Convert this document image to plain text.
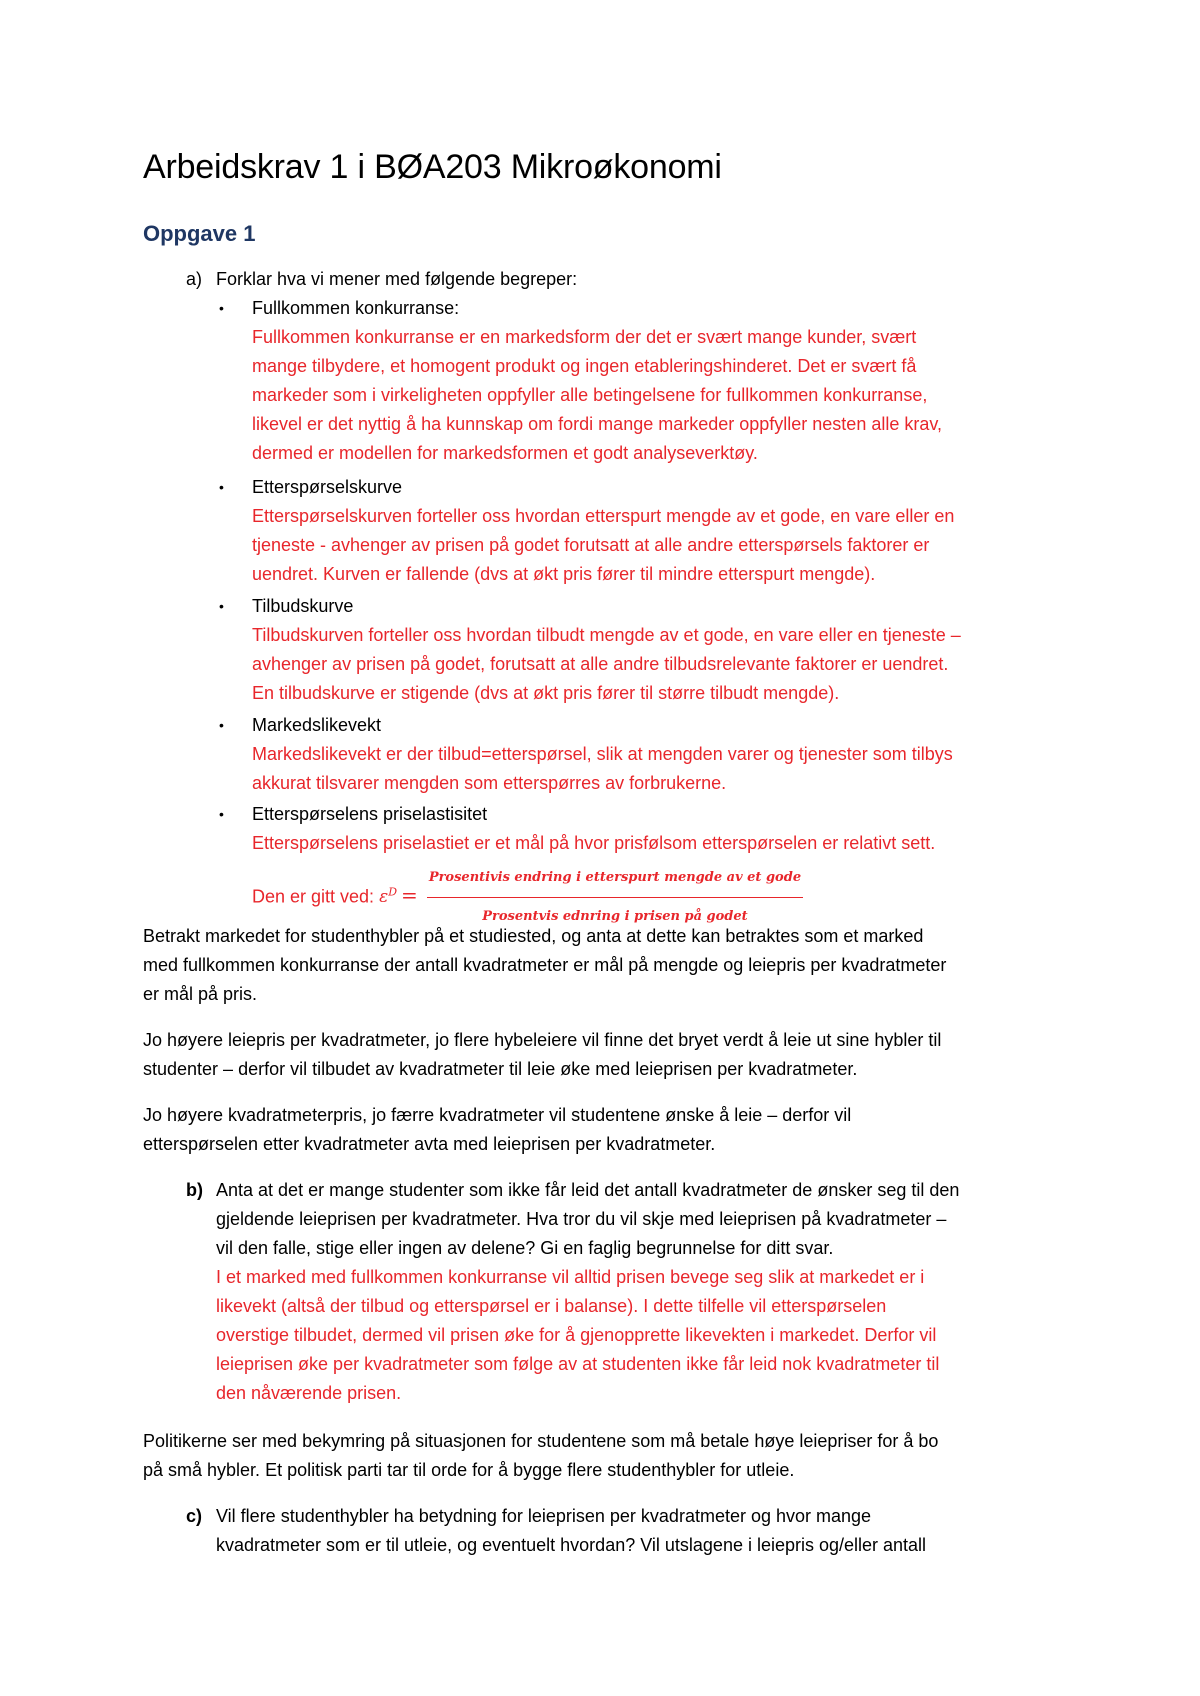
Arbeidskrav 1 i BØA203 Mikroøkonomi
Oppgave 1
a) Forklar hva vi mener med følgende begreper:
•	Fullkommen konkurranse:
Fullkommen konkurranse er en markedsform der det er svært mange kunder, svært
mange tilbydere, et homogent produkt og ingen etableringshinderet. Det er svært få
markeder som i virkeligheten oppfyller alle betingelsene for fullkommen konkurranse,
likevel er det nyttig å ha kunnskap om fordi mange markeder oppfyller nesten alle krav,
dermed er modellen for markedsformen et godt analyseverktøy.
•	Etterspørselskurve
Etterspørselskurven forteller oss hvordan etterspurt mengde av et gode, en vare eller en
tjeneste - avhenger av prisen på godet forutsatt at alle andre etterspørsels faktorer er
uendret. Kurven er fallende (dvs at økt pris fører til mindre etterspurt mengde).
•	Tilbudskurve
Tilbudskurven forteller oss hvordan tilbudt mengde av et gode, en vare eller en tjeneste –
avhenger av prisen på godet, forutsatt at alle andre tilbudsrelevante faktorer er uendret.
En tilbudskurve er stigende (dvs at økt pris fører til større tilbudt mengde).
•	Markedslikevekt
Markedslikevekt er der tilbud=etterspørsel, slik at mengden varer og tjenester som tilbys
akkurat tilsvarer mengden som etterspørres av forbrukerne.
•	Etterspørselens priselastisitet
Etterspørselens priselastiet er et mål på hvor prisfølsom etterspørselen er relativt sett.
Den er gitt ved: $\varepsilon^D = \frac{\text{Prosentivis endring i etterspurt mengde av et gode}}{\text{Prosentvis ednring i prisen på godet}}$
Betrakt markedet for studenthybler på et studiested, og anta at dette kan betraktes som et marked
med fullkommen konkurranse der antall kvadratmeter er mål på mengde og leiepris per kvadratmeter
er mål på pris.
Jo høyere leiepris per kvadratmeter, jo flere hybeleiere vil finne det bryet verdt å leie ut sine hybler til
studenter – derfor vil tilbudet av kvadratmeter til leie øke med leieprisen per kvadratmeter.
Jo høyere kvadratmeterpris, jo færre kvadratmeter vil studentene ønske å leie – derfor vil
etterspørselen etter kvadratmeter avta med leieprisen per kvadratmeter.
b) Anta at det er mange studenter som ikke får leid det antall kvadratmeter de ønsker seg til den
gjeldende leieprisen per kvadratmeter. Hva tror du vil skje med leieprisen på kvadratmeter –
vil den falle, stige eller ingen av delene? Gi en faglig begrunnelse for ditt svar.
I et marked med fullkommen konkurranse vil alltid prisen bevege seg slik at markedet er i
likevekt (altså der tilbud og etterspørsel er i balanse). I dette tilfelle vil etterspørselen
overstige tilbudet, dermed vil prisen øke for å gjenopprette likevekten i markedet. Derfor vil
leieprisen øke per kvadratmeter som følge av at studenten ikke får leid nok kvadratmeter til
den nåværende prisen.
Politikerne ser med bekymring på situasjonen for studentene som må betale høye leiepriser for å bo
på små hybler. Et politisk parti tar til orde for å bygge flere studenthybler for utleie.
c) Vil flere studenthybler ha betydning for leieprisen per kvadratmeter og hvor mange
kvadratmeter som er til utleie, og eventuelt hvordan? Vil utslagene i leiepris og/eller antall
